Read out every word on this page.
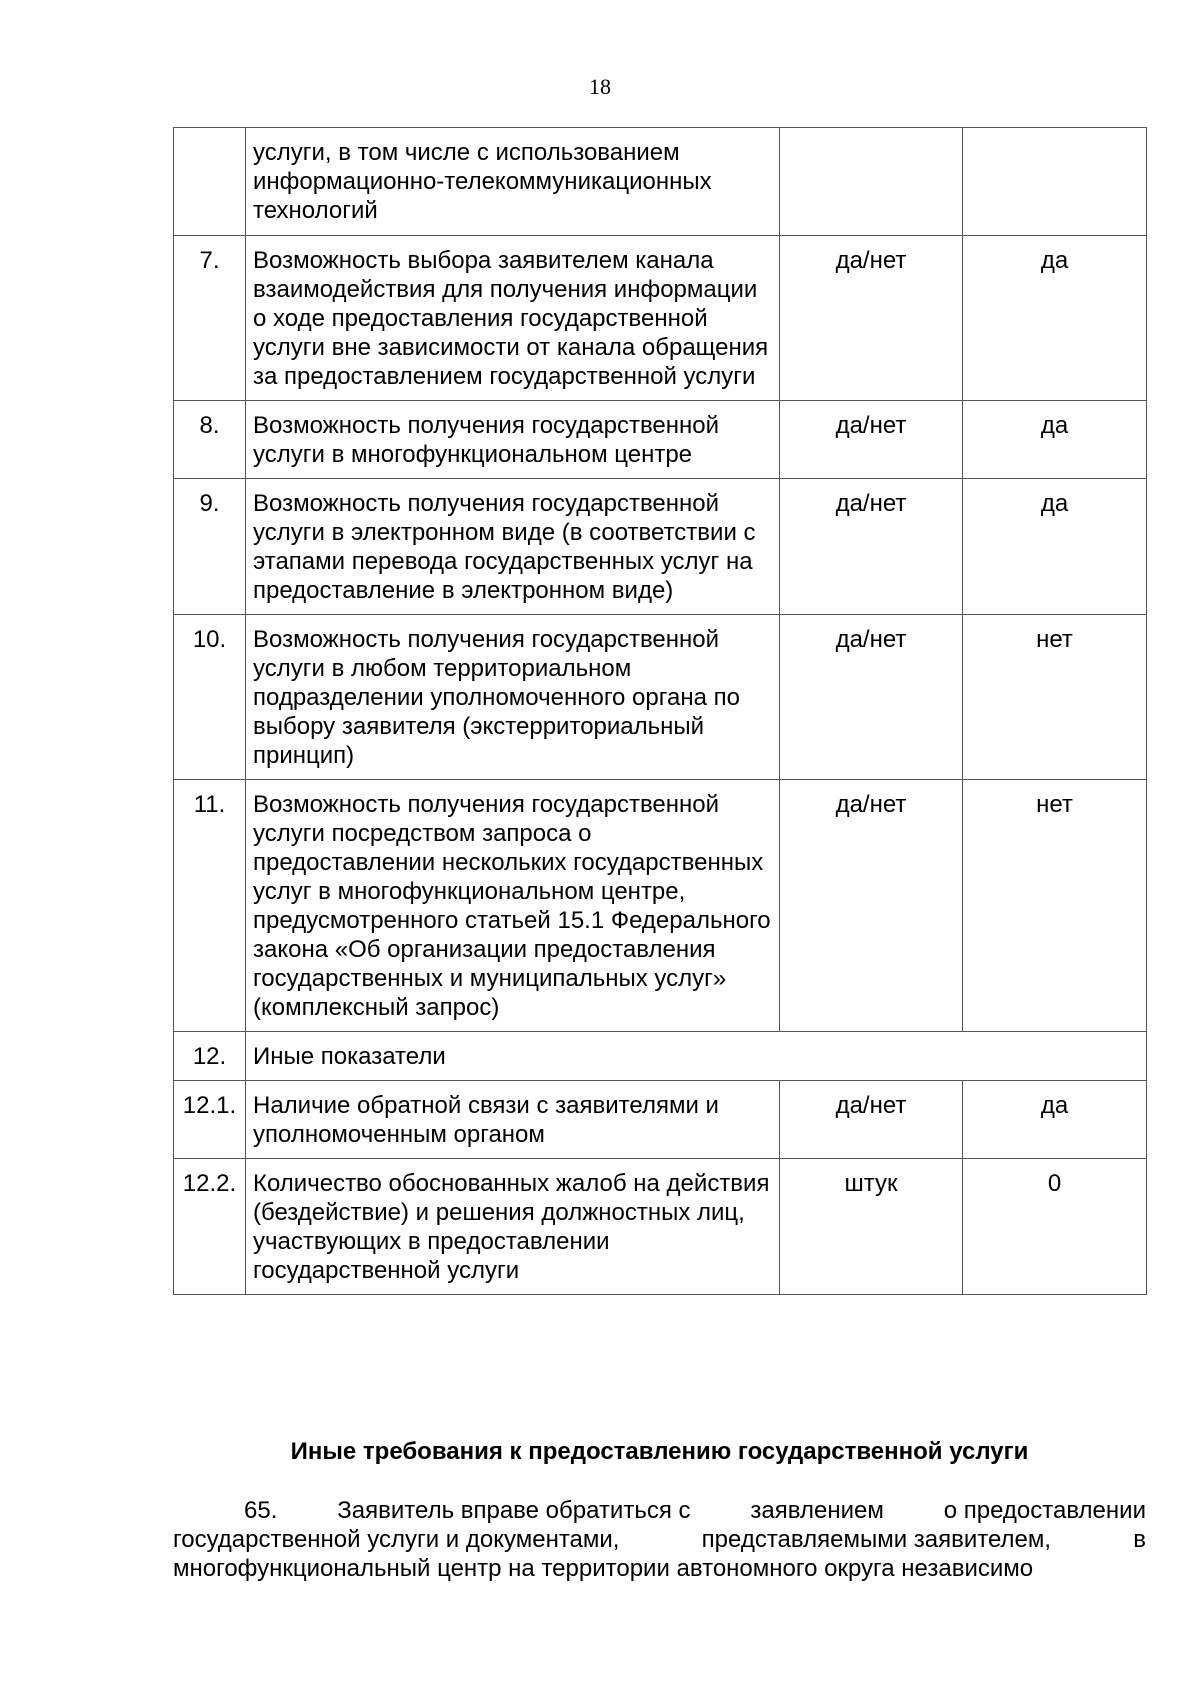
18
	услуги, в том числе с использованием информационно-телекоммуникационных технологий		
7.	Возможность выбора заявителем канала взаимодействия для получения информации о ходе предоставления государственной услуги вне зависимости от канала обращения за предоставлением государственной услуги	да/нет	да
8.	Возможность получения государственной услуги в многофункциональном центре	да/нет	да
9.	Возможность получения государственной услуги в электронном виде (в соответствии с этапами перевода государственных услуг на предоставление в электронном виде)	да/нет	да
10.	Возможность получения государственной услуги в любом территориальном подразделении уполномоченного органа по выбору заявителя (экстерриториальный принцип)	да/нет	нет
11.	Возможность получения государственной услуги посредством запроса о предоставлении нескольких государственных услуг в многофункциональном центре, предусмотренного статьей 15.1 Федерального закона «Об организации предоставления государственных и муниципальных услуг» (комплексный запрос)	да/нет	нет
12.	Иные показатели		
12.1.	Наличие обратной связи с заявителями и уполномоченным органом	да/нет	да
12.2.	Количество обоснованных жалоб на действия (бездействие) и решения должностных лиц, участвующих в предоставлении государственной услуги	штук	0
Иные требования к предоставлению государственной услуги
65. Заявитель вправе обратиться с заявлением о предоставлении
государственной услуги и документами,	представляемыми заявителем,	в
многофункциональный центр на территории автономного округа независимо
